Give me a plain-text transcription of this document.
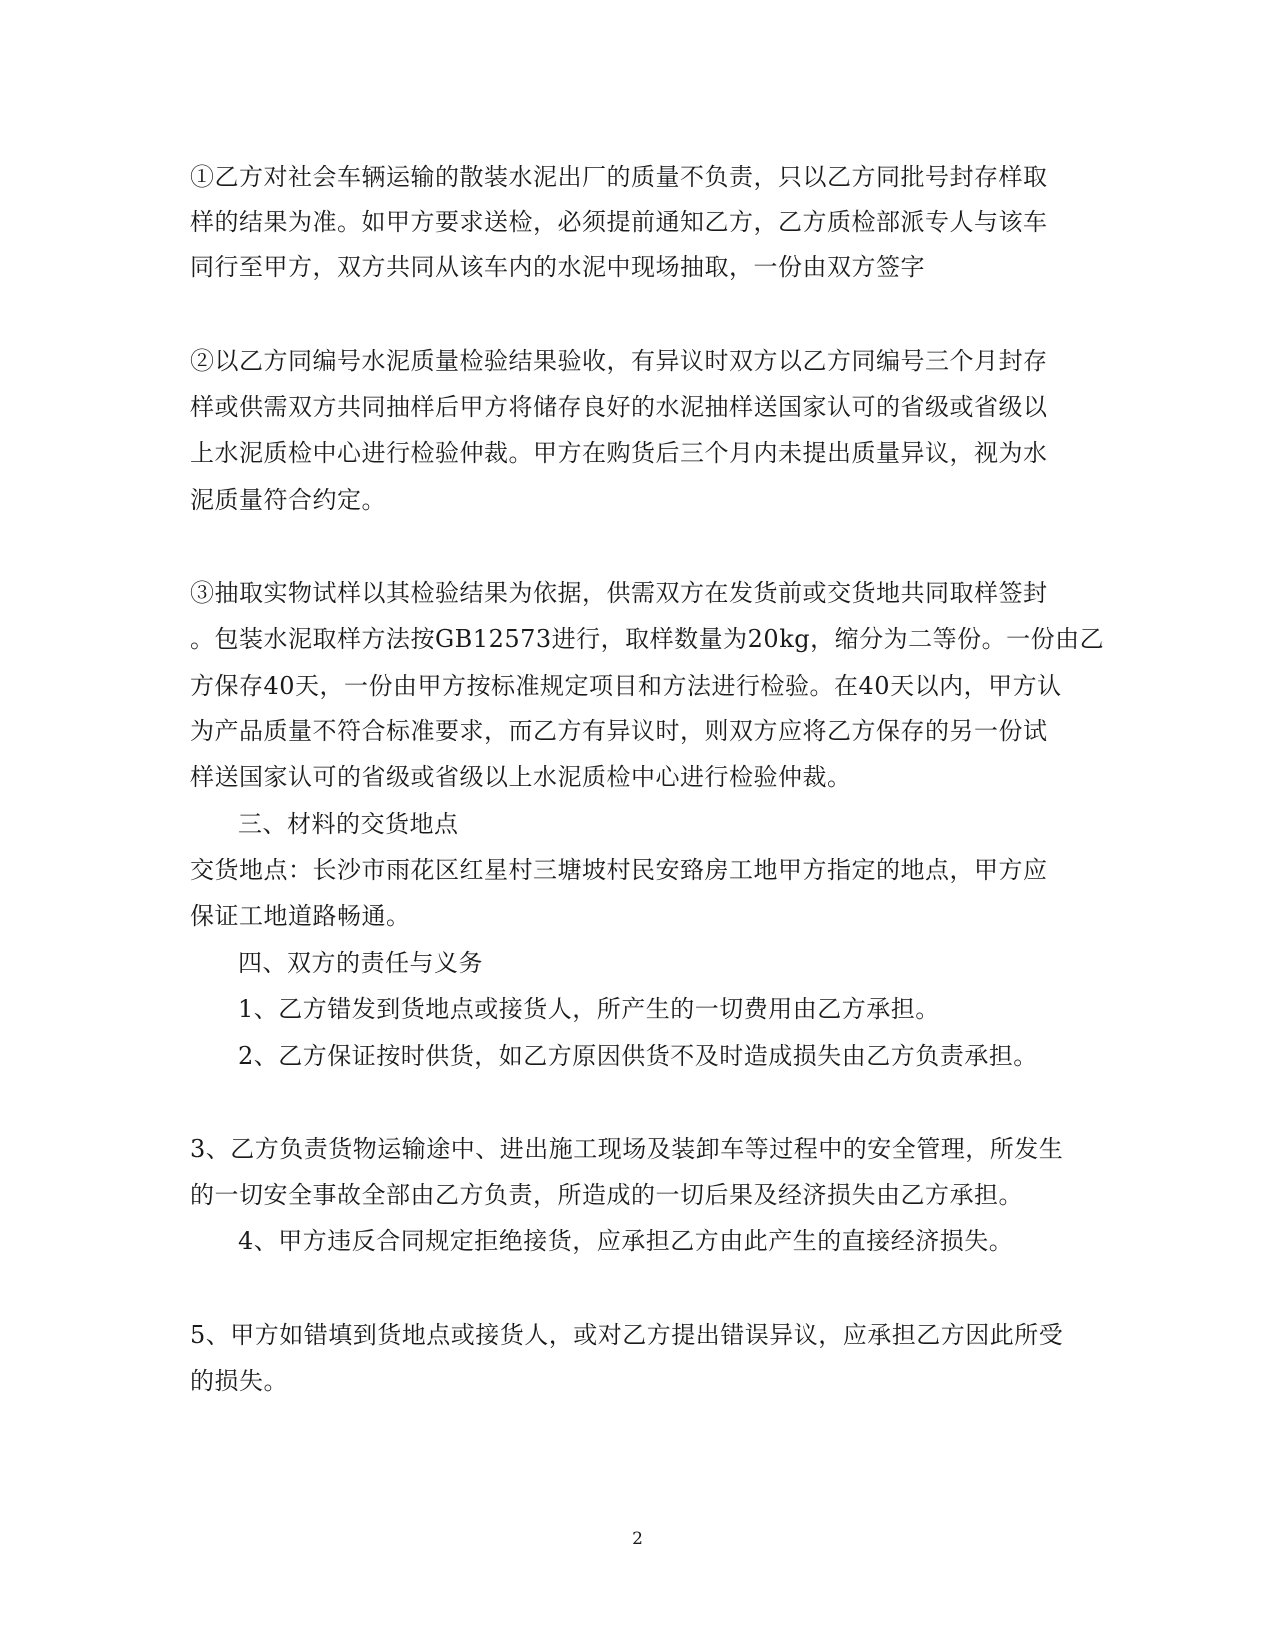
①乙方对社会车辆运输的散装水泥出厂的质量不负责，只以乙方同批号封存样取
样的结果为准。如甲方要求送检，必须提前通知乙方，乙方质检部派专人与该车
同行至甲方，双方共同从该车内的水泥中现场抽取，一份由双方签字
②以乙方同编号水泥质量检验结果验收，有异议时双方以乙方同编号三个月封存
样或供需双方共同抽样后甲方将储存良好的水泥抽样送国家认可的省级或省级以
上水泥质检中心进行检验仲裁。甲方在购货后三个月内未提出质量异议，视为水
泥质量符合约定。
③抽取实物试样以其检验结果为依据，供需双方在发货前或交货地共同取样签封
。包装水泥取样方法按GB12573进行，取样数量为20kg，缩分为二等份。一份由乙
方保存40天，一份由甲方按标准规定项目和方法进行检验。在40天以内，甲方认
为产品质量不符合标准要求，而乙方有异议时，则双方应将乙方保存的另一份试
样送国家认可的省级或省级以上水泥质检中心进行检验仲裁。
三、材料的交货地点
交货地点：长沙市雨花区红星村三塘坡村民安臵房工地甲方指定的地点，甲方应
保证工地道路畅通。
四、双方的责任与义务
1、乙方错发到货地点或接货人，所产生的一切费用由乙方承担。
2、乙方保证按时供货，如乙方原因供货不及时造成损失由乙方负责承担。
3、乙方负责货物运输途中、进出施工现场及装卸车等过程中的安全管理，所发生
的一切安全事故全部由乙方负责，所造成的一切后果及经济损失由乙方承担。
4、甲方违反合同规定拒绝接货，应承担乙方由此产生的直接经济损失。
5、甲方如错填到货地点或接货人，或对乙方提出错误异议，应承担乙方因此所受
的损失。
2
